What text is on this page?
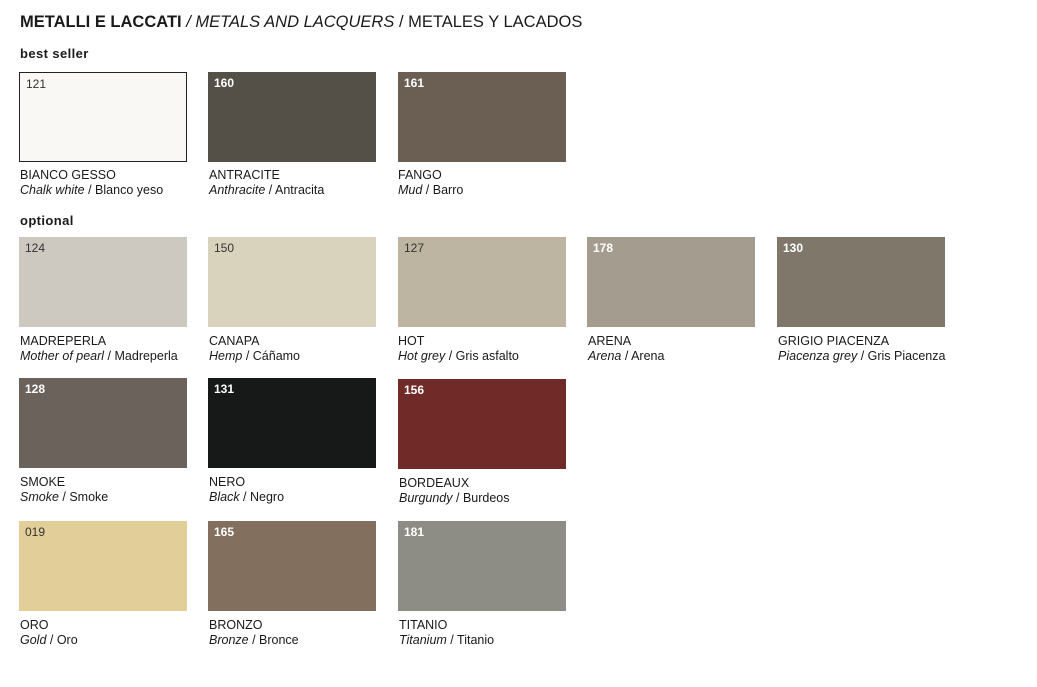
METALLI E LACCATI / METALS AND LACQUERS / METALES Y LACADOS
best seller
optional
121
BIANCO GESSO
Chalk white / Blanco yeso
160
ANTRACITE
Anthracite / Antracita
161
FANGO
Mud / Barro
124
MADREPERLA
Mother of pearl / Madreperla
150
CANAPA
Hemp / Cáñamo
127
HOT
Hot grey / Gris asfalto
178
ARENA
Arena / Arena
130
GRIGIO PIACENZA
Piacenza grey / Gris Piacenza
128
SMOKE
Smoke / Smoke
131
NERO
Black / Negro
156
BORDEAUX
Burgundy / Burdeos
019
ORO
Gold / Oro
165
BRONZO
Bronze / Bronce
181
TITANIO
Titanium / Titanio
